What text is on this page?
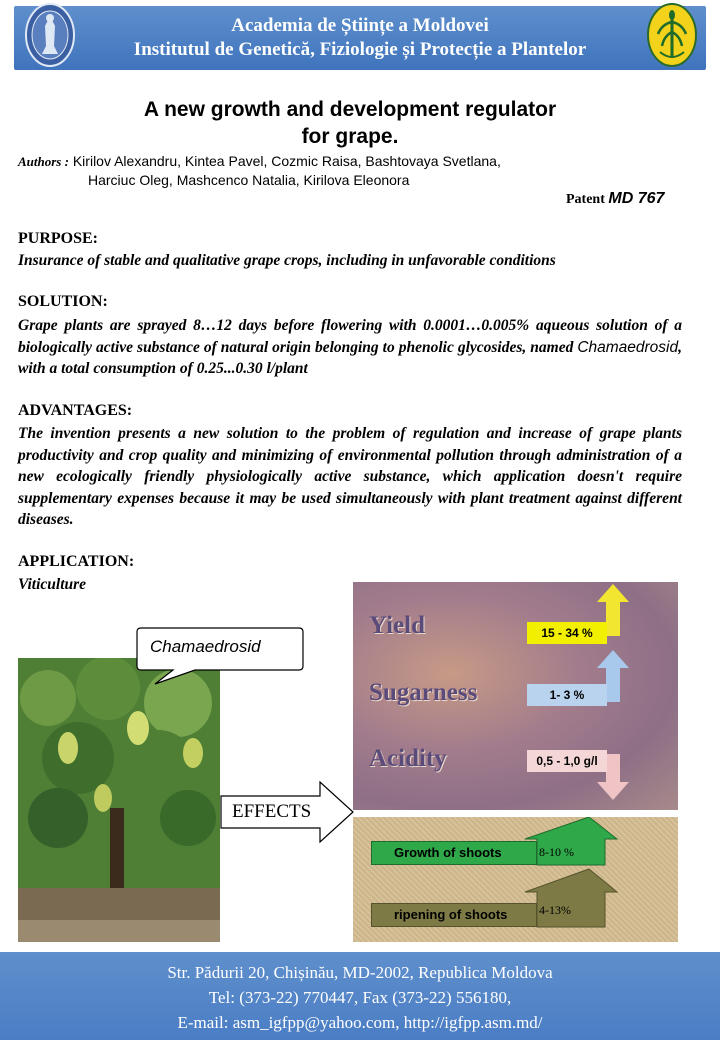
Academia de Științe a Moldovei
Institutul de Genetică, Fiziologie și Protecție a Plantelor
A new growth and development regulator
for grape.
Authors : Kirilov Alexandru, Kintea Pavel, Cozmic Raisa, Bashtovaya Svetlana,
Harciuc Oleg, Mashcenco Natalia, Kirilova Eleonora
Patent MD 767
PURPOSE:
Insurance of stable and qualitative grape crops, including in unfavorable conditions
SOLUTION:
Grape plants are sprayed 8…12 days before flowering with 0.0001…0.005% aqueous solution of a biologically active substance of natural origin belonging to phenolic glycosides, named Chamaedrosid, with a total consumption of 0.25...0.30 l/plant
ADVANTAGES:
The invention presents a new solution to the problem of regulation and increase of grape plants productivity and crop quality and minimizing of environmental pollution through administration of a new ecologically friendly physiologically active substance, which application doesn't require supplementary expenses because it may be used simultaneously with plant treatment against different diseases.
APPLICATION:
Viticulture
Chamaedrosid
EFFECTS
Yield
Sugarness
Acidity
15 - 34 %
1- 3 %
0,5 - 1,0 g/l
Growth of shoots	8-10 %
ripening of shoots	4-13%
Str. Pădurii 20, Chișinău, MD-2002, Republica Moldova
Tel: (373-22) 770447, Fax (373-22) 556180,
E-mail: asm_igfpp@yahoo.com, http://igfpp.asm.md/
